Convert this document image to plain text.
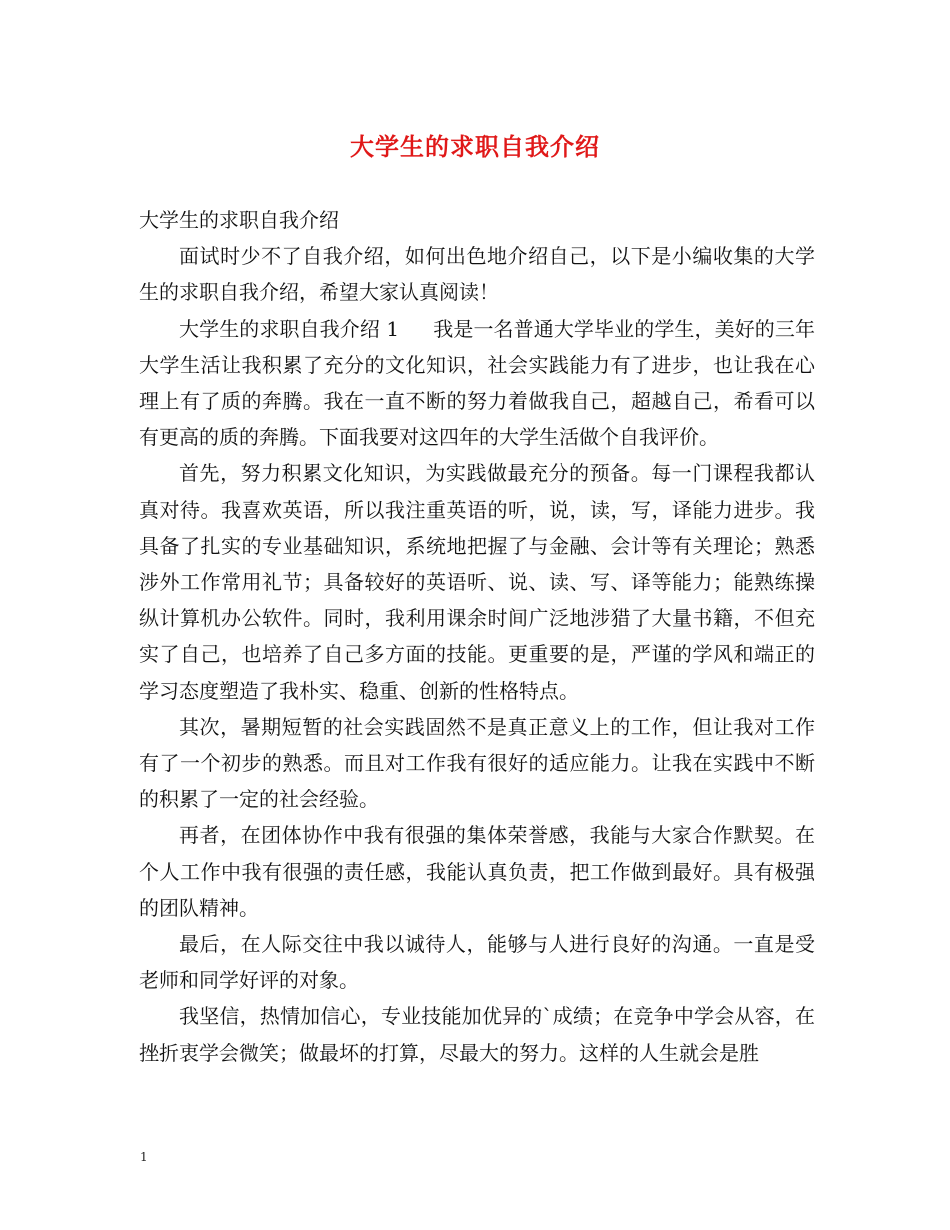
大学生的求职自我介绍

大学生的求职自我介绍

面试时少不了自我介绍，如何出色地介绍自己，以下是小编收集的大学生的求职自我介绍，希望大家认真阅读！

大学生的求职自我介绍 1 我是一名普通大学毕业的学生，美好的三年大学生活让我积累了充分的文化知识，社会实践能力有了进步，也让我在心理上有了质的奔腾。我在一直不断的努力着做我自己，超越自己，希看可以有更高的质的奔腾。下面我要对这四年的大学生活做个自我评价。

首先，努力积累文化知识，为实践做最充分的预备。每一门课程我都认真对待。我喜欢英语，所以我注重英语的听，说，读，写，译能力进步。我具备了扎实的专业基础知识，系统地把握了与金融、会计等有关理论；熟悉涉外工作常用礼节；具备较好的英语听、说、读、写、译等能力；能熟练操纵计算机办公软件。同时，我利用课余时间广泛地涉猎了大量书籍，不但充实了自己，也培养了自己多方面的技能。更重要的是，严谨的学风和端正的学习态度塑造了我朴实、稳重、创新的性格特点。

其次，暑期短暂的社会实践固然不是真正意义上的工作，但让我对工作有了一个初步的熟悉。而且对工作我有很好的适应能力。让我在实践中不断的积累了一定的社会经验。

再者，在团体协作中我有很强的集体荣誉感，我能与大家合作默契。在个人工作中我有很强的责任感，我能认真负责，把工作做到最好。具有极强的团队精神。

最后，在人际交往中我以诚待人，能够与人进行良好的沟通。一直是受老师和同学好评的对象。

我坚信，热情加信心，专业技能加优异的`成绩；在竞争中学会从容，在挫折衷学会微笑；做最坏的打算，尽最大的努力。这样的人生就会是胜

1
